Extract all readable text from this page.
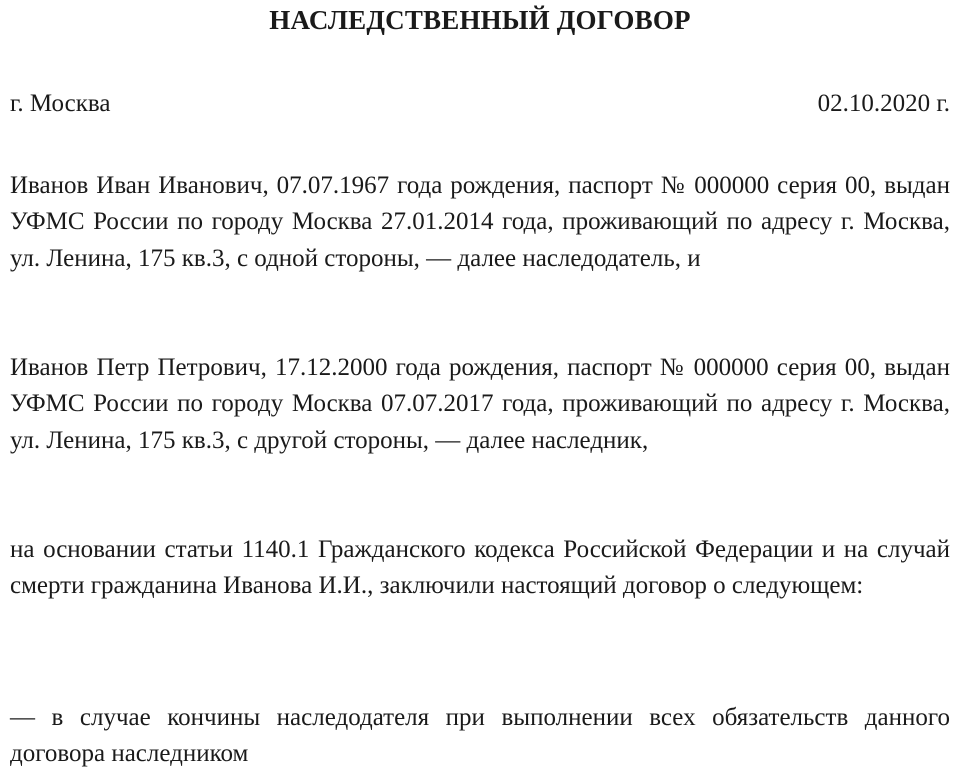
НАСЛЕДСТВЕННЫЙ ДОГОВОР
г. Москва	02.10.2020 г.

Иванов Иван Иванович, 07.07.1967 года рождения, паспорт № 000000 серия 00, выдан УФМС России по городу Москва 27.01.2014 года, проживающий по адресу г. Москва, ул. Ленина, 175 кв.3, с одной стороны, — далее наследодатель, и

Иванов Петр Петрович, 17.12.2000 года рождения, паспорт № 000000 серия 00, выдан УФМС России по городу Москва 07.07.2017 года, проживающий по адресу г. Москва, ул. Ленина, 175 кв.3, с другой стороны, — далее наследник,

на основании статьи 1140.1 Гражданского кодекса Российской Федерации и на случай смерти гражданина Иванова И.И., заключили настоящий договор о следующем:

— в случае кончины наследодателя при выполнении всех обязательств данного договора наследником
